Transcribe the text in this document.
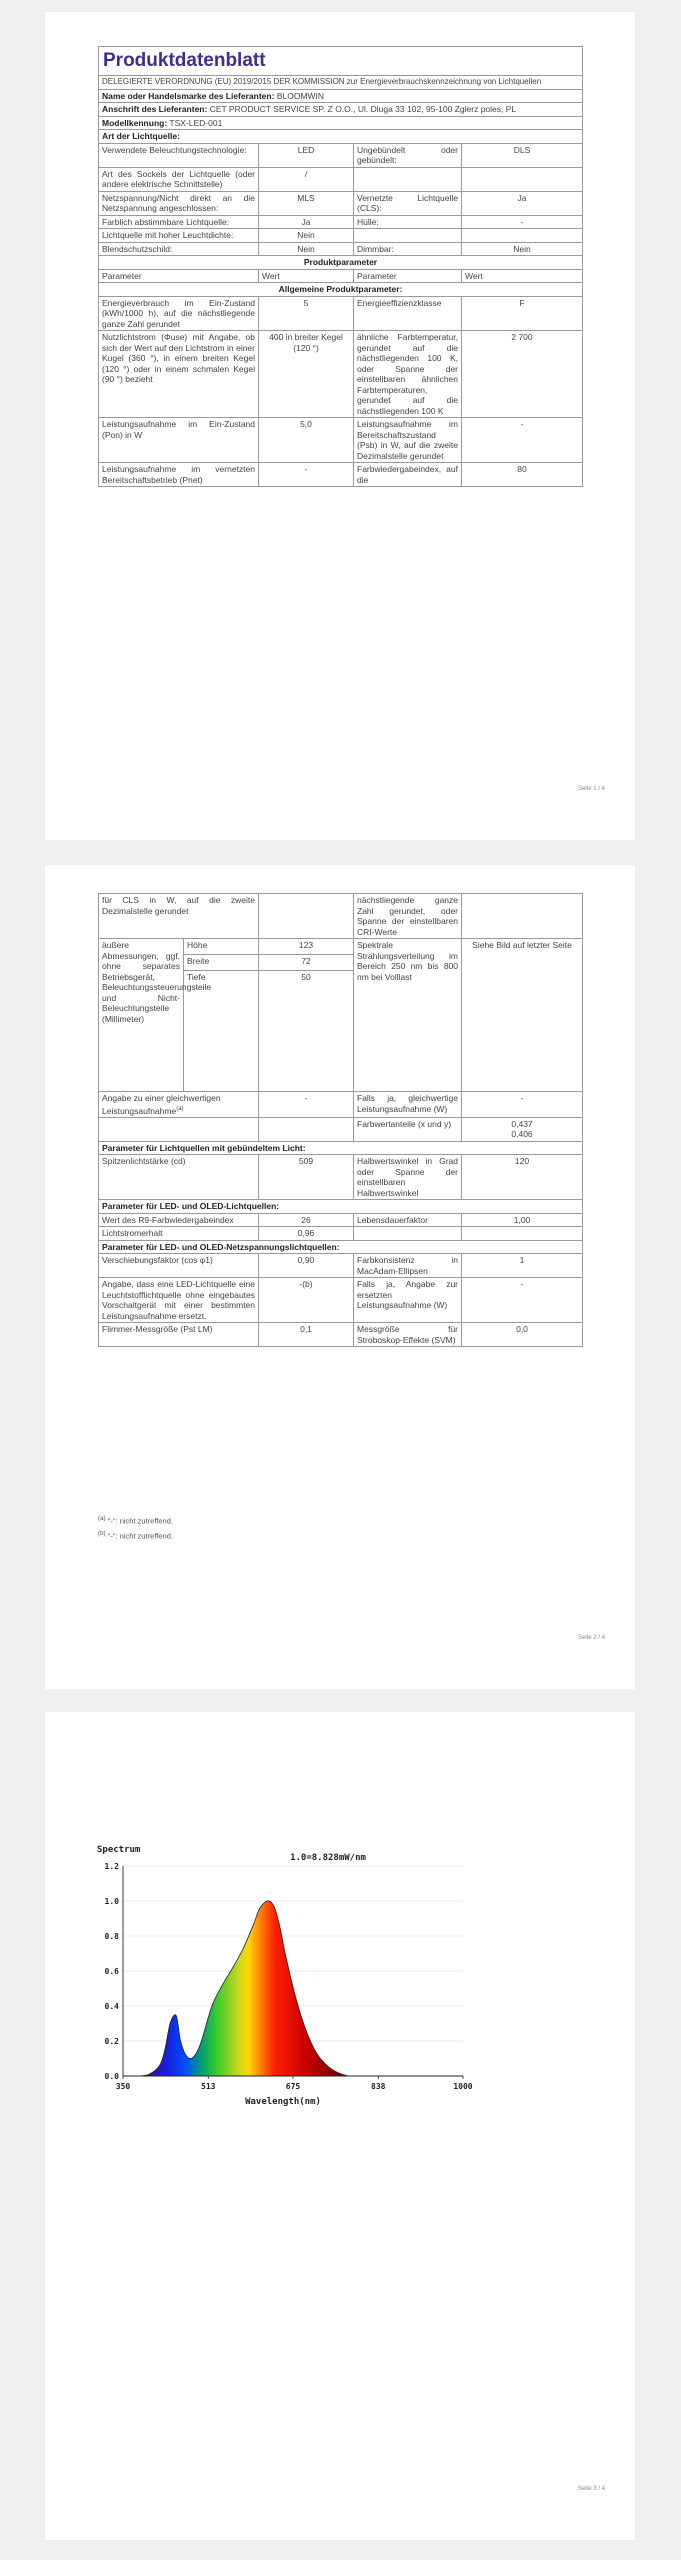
Produktdatenblatt			
DELEGIERTE VERORDNUNG (EU) 2019/2015 DER KOMMISSION zur Energieverbrauchskennzeichnung von Lichtquellen			
Name oder Handelsmarke des Lieferanten: BLOOMWIN			
Anschrift des Lieferanten: CET PRODUCT SERVICE SP. Z O.O., Ul. Dluga 33 102, 95-100 Zgierz poles, PL			
Modellkennung: TSX-LED-001			
Art der Lichtquelle:			
Verwendete Beleuchtungstechnologie:	LED	Ungebündelt oder gebündelt:	DLS
Art des Sockels der Lichtquelle (oder andere elektrische Schnittstelle)	/		
Netzspannung/Nicht direkt an die Netzspannung angeschlossen:	MLS	Vernetzte Lichtquelle (CLS):	Ja
Farblich abstimmbare Lichtquelle:	Ja	Hülle:	-
Lichtquelle mit hoher Leuchtdichte:	Nein		
Blendschutzschild:	Nein	Dimmbar:	Nein
Produktparameter			
Parameter	Wert	Parameter	Wert
Allgemeine Produktparameter:			
Energieverbrauch im Ein-Zustand (kWh/1000 h), auf die nächstliegende ganze Zahl gerundet	5	Energieeffizienzklasse	F
Nutzlichtstrom (Φuse) mit Angabe, ob sich der Wert auf den Lichtstrom in einer Kugel (360 °), in einem breiten Kegel (120 °) oder in einem schmalen Kegel (90 °) bezieht	400 in breiter Kegel (120 °)	ähnliche Farbtemperatur, gerundet auf die nächstliegenden 100 K, oder Spanne der einstellbaren ähnlichen Farbtemperaturen, gerundet auf die nächstliegenden 100 K	2 700
Leistungsaufnahme im Ein-Zustand (Pon) in W	5,0	Leistungsaufnahme im Bereitschaftszustand (Psb) in W, auf die zweite Dezimalstelle gerundet	-
Leistungsaufnahme im vernetzten Bereitschaftsbetrieb (Pnet)	-	Farbwiedergabeindex, auf die	80
Seite 1 / 4
für CLS in W, auf die zweite Dezimalstelle gerundet			nächstliegende ganze Zahl gerundet, oder Spanne der einstellbaren CRI-Werte	
äußere Abmessungen, ggf. ohne separates Betriebsgerät, Beleuchtungssteuerungsteile und Nicht-Beleuchtungsteile (Millimeter)	Höhe	123	Spektrale Strahlungsverteilung im Bereich 250 nm bis 800 nm bei Volllast	Siehe Bild auf letzter Seite
	Breite	72		
	Tiefe	50		
Angabe zu einer gleichwertigen Leistungsaufnahme$^{(a)}$		-	Falls ja, gleichwertige Leistungsaufnahme (W)	-
			Farbwertanteile (x und y)	0,437
0,406

Parameter für Lichtquellen mit gebündeltem Licht:				
Spitzenlichtstärke (cd)		509	Halbwertswinkel in Grad oder Spanne der einstellbaren Halbwertswinkel	120
Parameter für LED- und OLED-Lichtquellen:				
Wert des R9-Farbwiedergabeindex		26	Lebensdauerfaktor	1,00
Lichtstromerhalt		0,96		
Parameter für LED- und OLED-Netzspannungslichtquellen:				
Verschiebungsfaktor (cos φ1)		0,90	Farbkonsistenz in MacAdam-Ellipsen	1
Angabe, dass eine LED-Lichtquelle eine Leuchtstofflichtquelle ohne eingebautes Vorschaltgerät mit einer bestimmten Leistungsaufnahme ersetzt.		-(b)	Falls ja, Angabe zur ersetzten Leistungsaufnahme (W)	-
Flimmer-Messgröße (Pst LM)		0,1	Messgröße für Stroboskop-Effekte (SVM)	0,0
$^{(a)}$ "-": nicht zutreffend.
$^{(b)}$ "-": nicht zutreffend.
Seite 2 / 4
0.0
0.2
0.4
0.6
0.8
1.0
1.2
350	513	675	838	1000
Spectrum
1.0=8.828mW/nm
Wavelength(nm)
Seite 3 / 4
